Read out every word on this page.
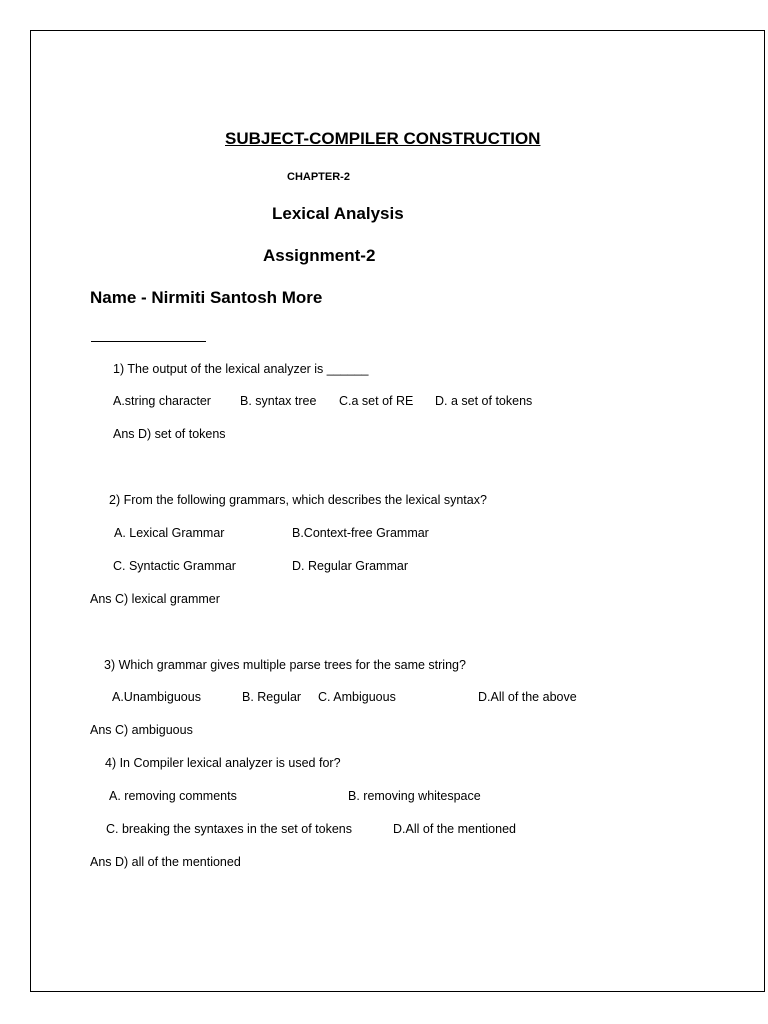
SUBJECT-COMPILER CONSTRUCTION
CHAPTER-2
Lexical Analysis
Assignment-2
Name - Nirmiti Santosh More
1) The output of the lexical analyzer is ______
A.string character B. syntax tree C.a set of RE D. a set of tokens
Ans D) set of tokens
2) From the following grammars, which describes the lexical syntax?
A. Lexical Grammar	B.Context-free Grammar
C. Syntactic Grammar	D. Regular Grammar
Ans C) lexical grammer
3) Which grammar gives multiple parse trees for the same string?
A.Unambiguous	B. Regular C. Ambiguous	D.All of the above
Ans C) ambiguous
4) In Compiler lexical analyzer is used for?
A. removing comments	B. removing whitespace
C. breaking the syntaxes in the set of tokens	D.All of the mentioned
Ans D) all of the mentioned
